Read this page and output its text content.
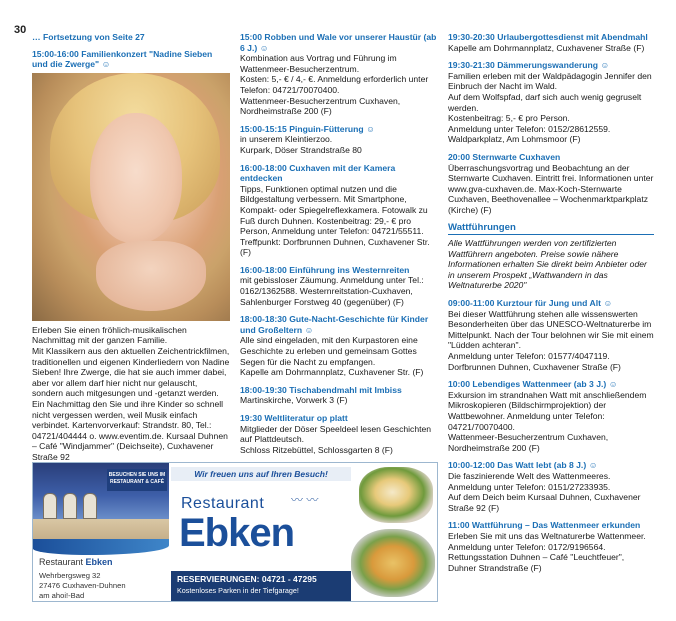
30
… Fortsetzung von Seite 27
15:00-16:00 Familienkonzert "Nadine Sieben und die Zwerge" ☺
Erleben Sie einen fröhlich-musikalischen Nachmittag mit der ganzen Familie.
Mit Klassikern aus den aktuellen Zeichentrickfilmen, traditionellen und eigenen Kinderliedern von Nadine Sieben! Ihre Zwerge, die hat sie auch immer dabei, aber vor allem darf hier nicht nur gelauscht, sondern auch mitgesungen und -getanzt werden. Ein Nachmittag den Sie und ihre Kinder so schnell nicht vergessen werden, weil Musik einfach verbindet. Kartenvorverkauf: Strandstr. 80, Tel.: 04721/404444 o. www.eventim.de. Kursaal Duhnen – Café "Windjammer" (Deichseite), Cuxhavener Straße 92
15:00 Robben und Wale vor unserer Haustür (ab 6 J.) ☺
Kombination aus Vortrag und Führung im Wattenmeer-Besucherzentrum.
Kosten: 5,- € / 4,- €. Anmeldung erforderlich unter Telefon: 04721/70070400.
Wattenmeer-Besucherzentrum Cuxhaven, Nordheimstraße 200 (F)
15:00-15:15 Pinguin-Fütterung ☺
in unserem Kleintierzoo.
Kurpark, Döser Strandstraße 80
16:00-18:00 Cuxhaven mit der Kamera entdecken
Tipps, Funktionen optimal nutzen und die Bildgestaltung verbessern. Mit Smartphone, Kompakt- oder Spiegelreflexkamera. Fotowalk zu Fuß durch Duhnen. Kostenbeitrag: 29,- € pro Person, Anmeldung unter Telefon: 04721/55511. Treffpunkt: Dorfbrunnen Duhnen, Cuxhavener Str. (F)
16:00-18:00 Einführung ins Westernreiten
mit gebissloser Zäumung. Anmeldung unter Tel.: 0162/1362588. Westernreitstation-Cuxhaven, Sahlenburger Forstweg 40 (gegenüber) (F)
18:00-18:30 Gute-Nacht-Geschichte für Kinder und Großeltern ☺
Alle sind eingeladen, mit den Kurpastoren eine Geschichte zu erleben und gemeinsam Gottes Segen für die Nacht zu empfangen.
Kapelle am Dohrmannplatz, Cuxhavener Str. (F)
18:00-19:30 Tischabendmahl mit Imbiss
Martinskirche, Vorwerk 3 (F)
19:30 Weltliteratur op platt
Mitglieder der Döser Speeldeel lesen Geschichten auf Plattdeutsch.
Schloss Ritzebüttel, Schlossgarten 8 (F)
19:30-20:30 Urlaubergottesdienst mit Abendmahl
Kapelle am Dohrmannplatz, Cuxhavener Straße (F)
19:30-21:30 Dämmerungswanderung ☺
Familien erleben mit der Waldpädagogin Jennifer den Einbruch der Nacht im Wald.
Auf dem Wolfspfad, darf sich auch wenig gegruselt werden.
Kostenbeitrag: 5,- € pro Person.
Anmeldung unter Telefon: 0152/28612559.
Waldparkplatz, Am Lohmsmoor (F)
20:00 Sternwarte Cuxhaven
Überraschungsvortrag und Beobachtung an der Sternwarte Cuxhaven. Eintritt frei. Informationen unter www.gva-cuxhaven.de. Max-Koch-Sternwarte Cuxhaven, Beethovenallee – Wochenmarktparkplatz (Kirche) (F)
Wattführungen
Alle Wattführungen werden von zertifizierten Wattführern angeboten. Preise sowie nähere Informationen erhalten Sie direkt beim Anbieter oder in unserem Prospekt „Wattwandern in das Weltnaturerbe 2020"
09:00-11:00 Kurztour für Jung und Alt ☺
Bei dieser Wattführung stehen alle wissenswerten Besonderheiten über das UNESCO-Weltnaturerbe im Mittelpunkt. Nach der Tour belohnen wir Sie mit einem "Lüdden achteran".
Anmeldung unter Telefon: 01577/4047119.
Dorfbrunnen Duhnen, Cuxhavener Straße (F)
10:00 Lebendiges Wattenmeer (ab 3 J.) ☺
Exkursion im strandnahen Watt mit anschließendem Mikroskopieren (Bildschirmprojektion) der Wattbewohner. Anmeldung unter Telefon: 04721/70070400.
Wattenmeer-Besucherzentrum Cuxhaven, Nordheimstraße 200 (F)
10:00-12:00 Das Watt lebt (ab 8 J.) ☺
Die faszinierende Welt des Wattenmeeres.
Anmeldung unter Telefon: 0151/27233935.
Auf dem Deich beim Kursaal Duhnen, Cuxhavener Straße 92 (F)
11:00 Wattführung – Das Wattenmeer erkunden
Erleben Sie mit uns das Weltnaturerbe Wattenmeer.
Anmeldung unter Telefon: 0172/9196564.
Rettungsstation Duhnen – Café "Leuchtfeuer", Duhner Strandstraße (F)
BESUCHEN SIE UNS IM RESTAURANT & CAFÉ
Restaurant Ebken
Wehrbergsweg 32
27476 Cuxhaven-Duhnen
am ahoi!-Bad
Wir freuen uns auf Ihren Besuch!
Restaurant 〰 〰
Ebken
RESERVIERUNGEN: 04721 - 47295
Kostenloses Parken in der Tiefgarage!
